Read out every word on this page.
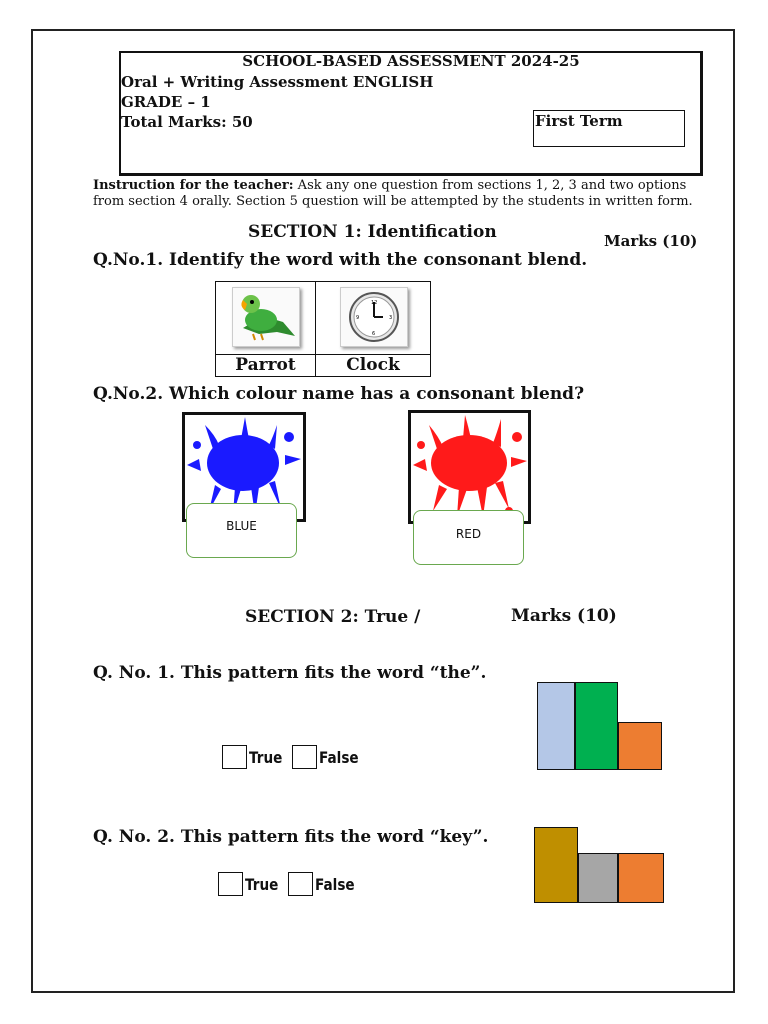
SCHOOL-BASED ASSESSMENT 2024-25
Oral + Writing Assessment ENGLISH
GRADE – 1
Total Marks: 50	First Term
Instruction for the teacher: Ask any one question from sections 1, 2, 3 and two options from section 4 orally. Section 5 question will be attempted by the students in written form.
SECTION 1: Identification	Marks (10)
Q.No.1. Identify the word with the consonant blend.
12
3
6
9
Parrot	Clock
Q.No.2. Which colour name has a consonant blend?
BLUE
RED
SECTION 2: True /	Marks (10)
Q. No. 1. This pattern fits the word “the”.
True False
Q. No. 2. This pattern fits the word “key”.
True False
